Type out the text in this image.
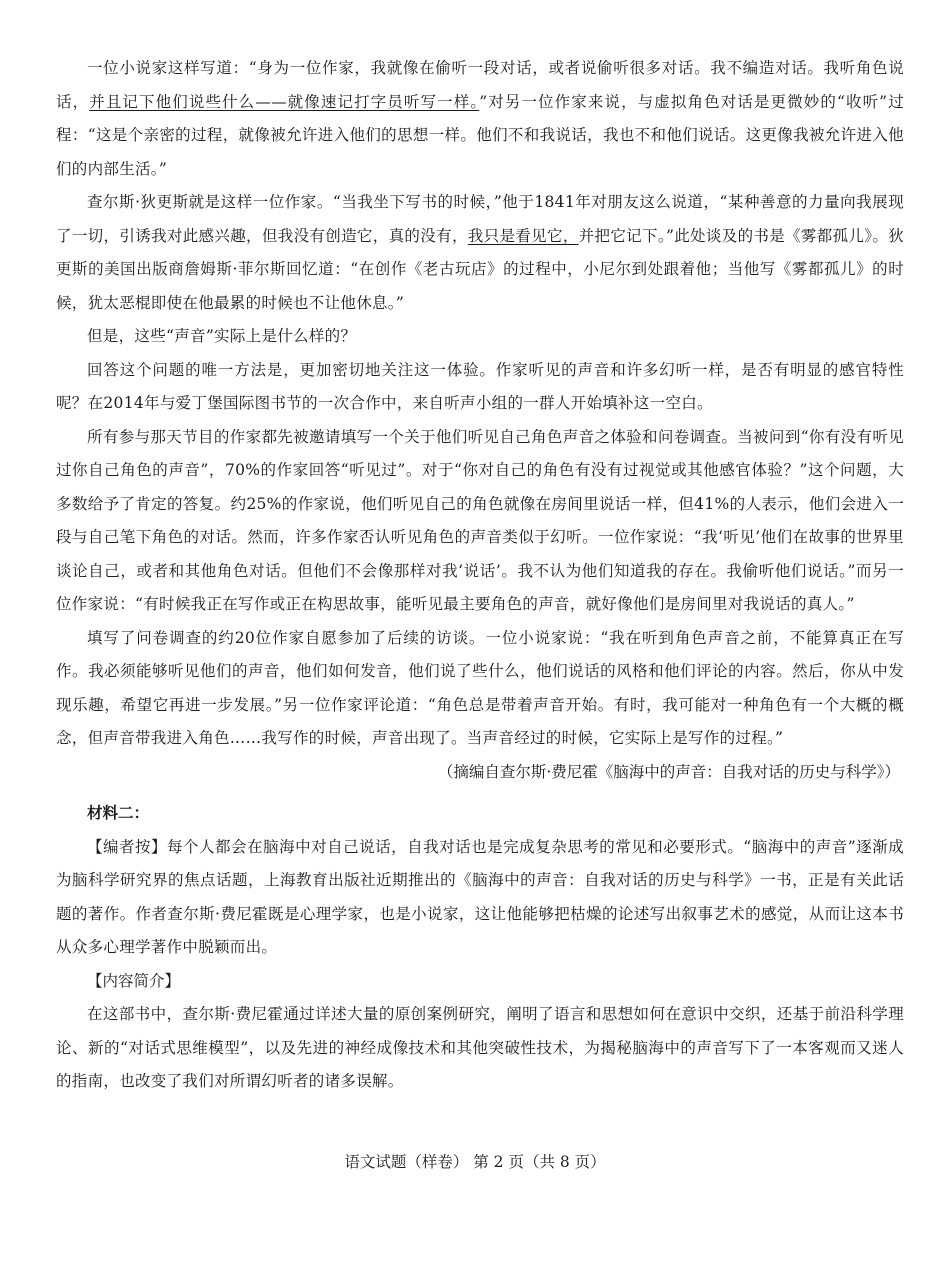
一位小说家这样写道：“身为一位作家，我就像在偷听一段对话，或者说偷听很多对话。我不编造对话。我听角色说话，并且记下他们说些什么——就像速记打字员听写一样。”对另一位作家来说，与虚拟角色对话是更微妙的“收听”过程：“这是个亲密的过程，就像被允许进入他们的思想一样。他们不和我说话，我也不和他们说话。这更像我被允许进入他们的内部生活。”

查尔斯·狄更斯就是这样一位作家。“当我坐下写书的时候，”他于1841年对朋友这么说道，“某种善意的力量向我展现了一切，引诱我对此感兴趣，但我没有创造它，真的没有，我只是看见它，并把它记下。”此处谈及的书是《雾都孤儿》。狄更斯的美国出版商詹姆斯·菲尔斯回忆道：“在创作《老古玩店》的过程中，小尼尔到处跟着他；当他写《雾都孤儿》的时候，犹太恶棍即使在他最累的时候也不让他休息。”

但是，这些“声音”实际上是什么样的？

回答这个问题的唯一方法是，更加密切地关注这一体验。作家听见的声音和许多幻听一样，是否有明显的感官特性呢？在2014年与爱丁堡国际图书节的一次合作中，来自听声小组的一群人开始填补这一空白。

所有参与那天节目的作家都先被邀请填写一个关于他们听见自己角色声音之体验和问卷调查。当被问到“你有没有听见过你自己角色的声音”，70%的作家回答“听见过”。对于“你对自己的角色有没有过视觉或其他感官体验？”这个问题，大多数给予了肯定的答复。约25%的作家说，他们听见自己的角色就像在房间里说话一样，但41%的人表示，他们会进入一段与自己笔下角色的对话。然而，许多作家否认听见角色的声音类似于幻听。一位作家说：“我‘听见’他们在故事的世界里谈论自己，或者和其他角色对话。但他们不会像那样对我‘说话’。我不认为他们知道我的存在。我偷听他们说话。”而另一位作家说：“有时候我正在写作或正在构思故事，能听见最主要角色的声音，就好像他们是房间里对我说话的真人。”

填写了问卷调查的约20位作家自愿参加了后续的访谈。一位小说家说：“我在听到角色声音之前，不能算真正在写作。我必须能够听见他们的声音，他们如何发音，他们说了些什么，他们说话的风格和他们评论的内容。然后，你从中发现乐趣，希望它再进一步发展。”另一位作家评论道：“角色总是带着声音开始。有时，我可能对一种角色有一个大概的概念，但声音带我进入角色……我写作的时候，声音出现了。当声音经过的时候，它实际上是写作的过程。”

（摘编自查尔斯·费尼霍《脑海中的声音：自我对话的历史与科学》）

材料二：

【编者按】每个人都会在脑海中对自己说话，自我对话也是完成复杂思考的常见和必要形式。“脑海中的声音”逐渐成为脑科学研究界的焦点话题，上海教育出版社近期推出的《脑海中的声音：自我对话的历史与科学》一书，正是有关此话题的著作。作者查尔斯·费尼霍既是心理学家，也是小说家，这让他能够把枯燥的论述写出叙事艺术的感觉，从而让这本书从众多心理学著作中脱颖而出。

【内容简介】

在这部书中，查尔斯·费尼霍通过详述大量的原创案例研究，阐明了语言和思想如何在意识中交织，还基于前沿科学理论、新的“对话式思维模型”，以及先进的神经成像技术和其他突破性技术，为揭秘脑海中的声音写下了一本客观而又迷人的指南，也改变了我们对所谓幻听者的诸多误解。

语文试题（样卷） 第 2 页（共 8 页）
